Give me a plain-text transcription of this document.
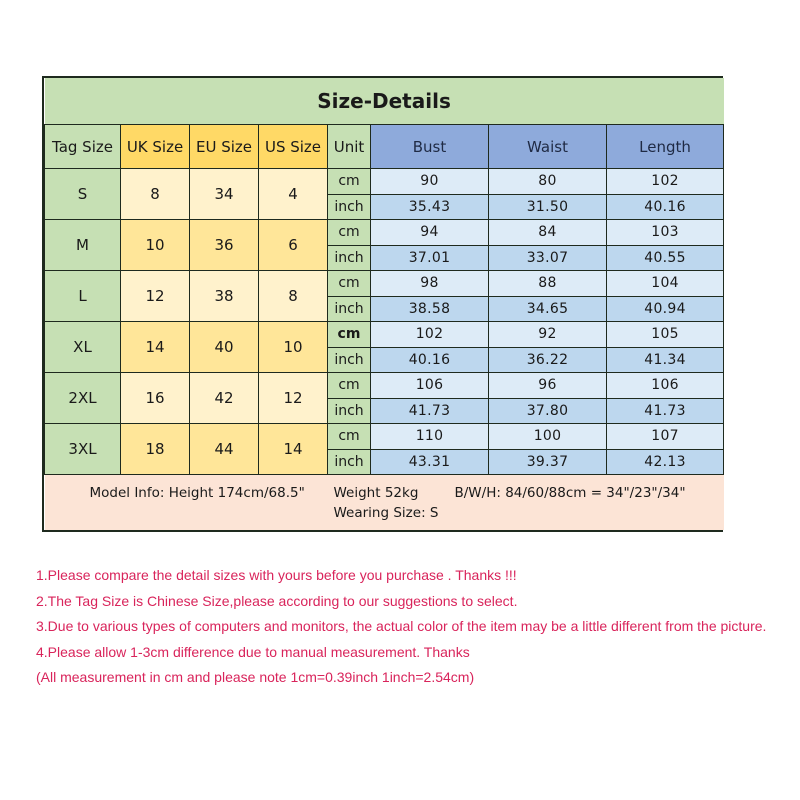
Size-Details							
Tag Size	UK Size	EU Size	US Size	Unit	Bust	Waist	Length
S	8	34	4	cm	90	80	102
				inch	35.43	31.50	40.16
M	10	36	6	cm	94	84	103
				inch	37.01	33.07	40.55
L	12	38	8	cm	98	88	104
				inch	38.58	34.65	40.94
XL	14	40	10	cm	102	92	105
				inch	40.16	36.22	41.34
2XL	16	42	12	cm	106	96	106
				inch	41.73	37.80	41.73
3XL	18	44	14	cm	110	100	107
				inch	43.31	39.37	42.13

Model Info: Height 174cm/68.5" Weight 52kg B/W/H: 84/60/88cm = 34"/23"/34"
Wearing Size: S							
1.Please compare the detail sizes with yours before you purchase . Thanks !!!
2.The Tag Size is Chinese Size,please according to our suggestions to select.
3.Due to various types of computers and monitors, the actual color of the item may be a little different from the picture.
4.Please allow 1-3cm difference due to manual measurement. Thanks
(All measurement in cm and please note 1cm=0.39inch 1inch=2.54cm)
